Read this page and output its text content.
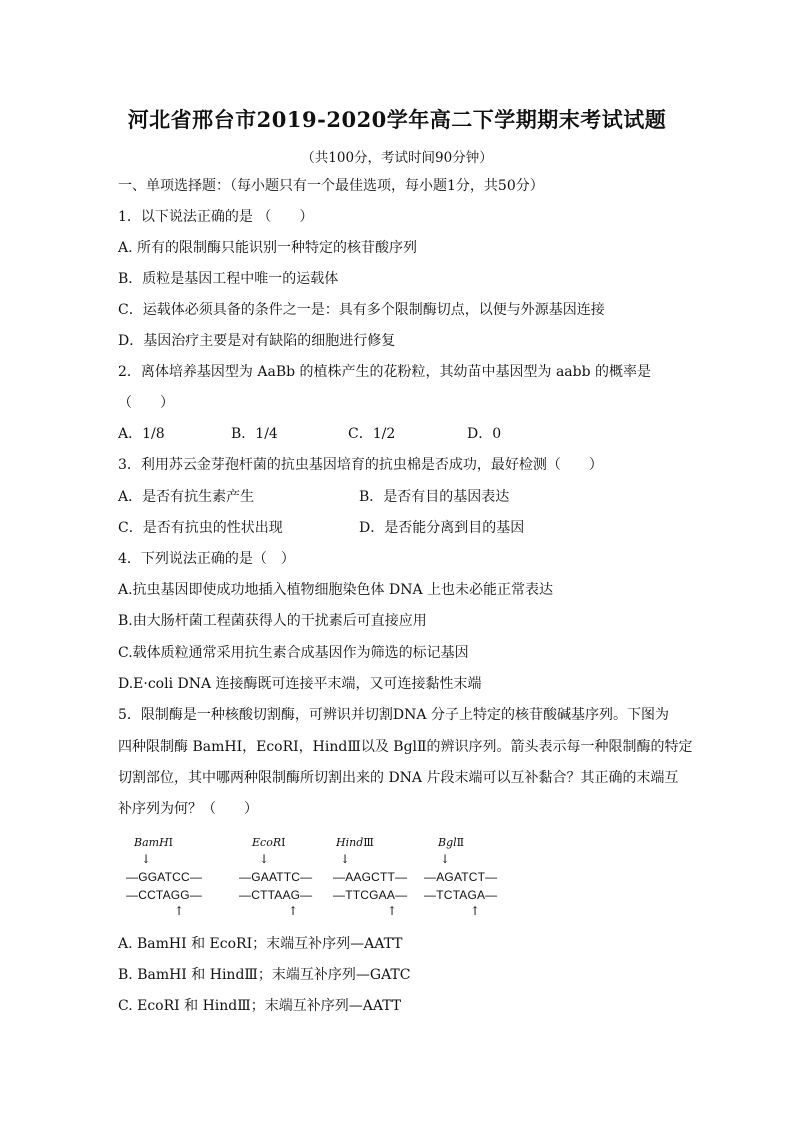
河北省邢台市2019-2020学年高二下学期期末考试试题
（共100分，考试时间90分钟）
一、单项选择题：（每小题只有一个最佳选项，每小题1分，共50分）
1．以下说法正确的是 （　　）
A. 所有的限制酶只能识别一种特定的核苷酸序列
B．质粒是基因工程中唯一的运载体
C．运载体必须具备的条件之一是：具有多个限制酶切点，以便与外源基因连接
D．基因治疗主要是对有缺陷的细胞进行修复
2．离体培养基因型为 AaBb 的植株产生的花粉粒，其幼苗中基因型为 aabb 的概率是
（　　）
A．1/8	B．1/4	C．1/2	D．0
3．利用苏云金芽孢杆菌的抗虫基因培育的抗虫棉是否成功，最好检测（　　）
A．是否有抗生素产生	B．是否有目的基因表达
C．是否有抗虫的性状出现	D．是否能分离到目的基因
4．下列说法正确的是（　）
A.抗虫基因即使成功地插入植物细胞染色体 DNA 上也未必能正常表达
B.由大肠杆菌工程菌获得人的干扰素后可直接应用
C.载体质粒通常采用抗生素合成基因作为筛选的标记基因
D.E·coli DNA 连接酶既可连接平末端，又可连接黏性末端
5．限制酶是一种核酸切割酶，可辨识并切割DNA 分子上特定的核苷酸碱基序列。下图为
四种限制酶 BamHI，EcoRI，HindⅢ以及 BglⅡ的辨识序列。箭头表示每一种限制酶的特定
切割部位，其中哪两种限制酶所切割出来的 DNA 片段末端可以互补黏合？其正确的末端互
补序列为何？（　　）
BamHⅠ
↓
—GGATCC—
—CCTAGG—
↑
EcoRⅠ
↓
—GAATTC—
—CTTAAG—
↑
HindⅢ
↓
—AAGCTT—
—TTCGAA—
↑
BglⅡ
↓
—AGATCT—
—TCTAGA—
↑
A. BamHI 和 EcoRI；末端互补序列—AATT
B. BamHI 和 HindⅢ；末端互补序列—GATC
C. EcoRI 和 HindⅢ；末端互补序列—AATT
